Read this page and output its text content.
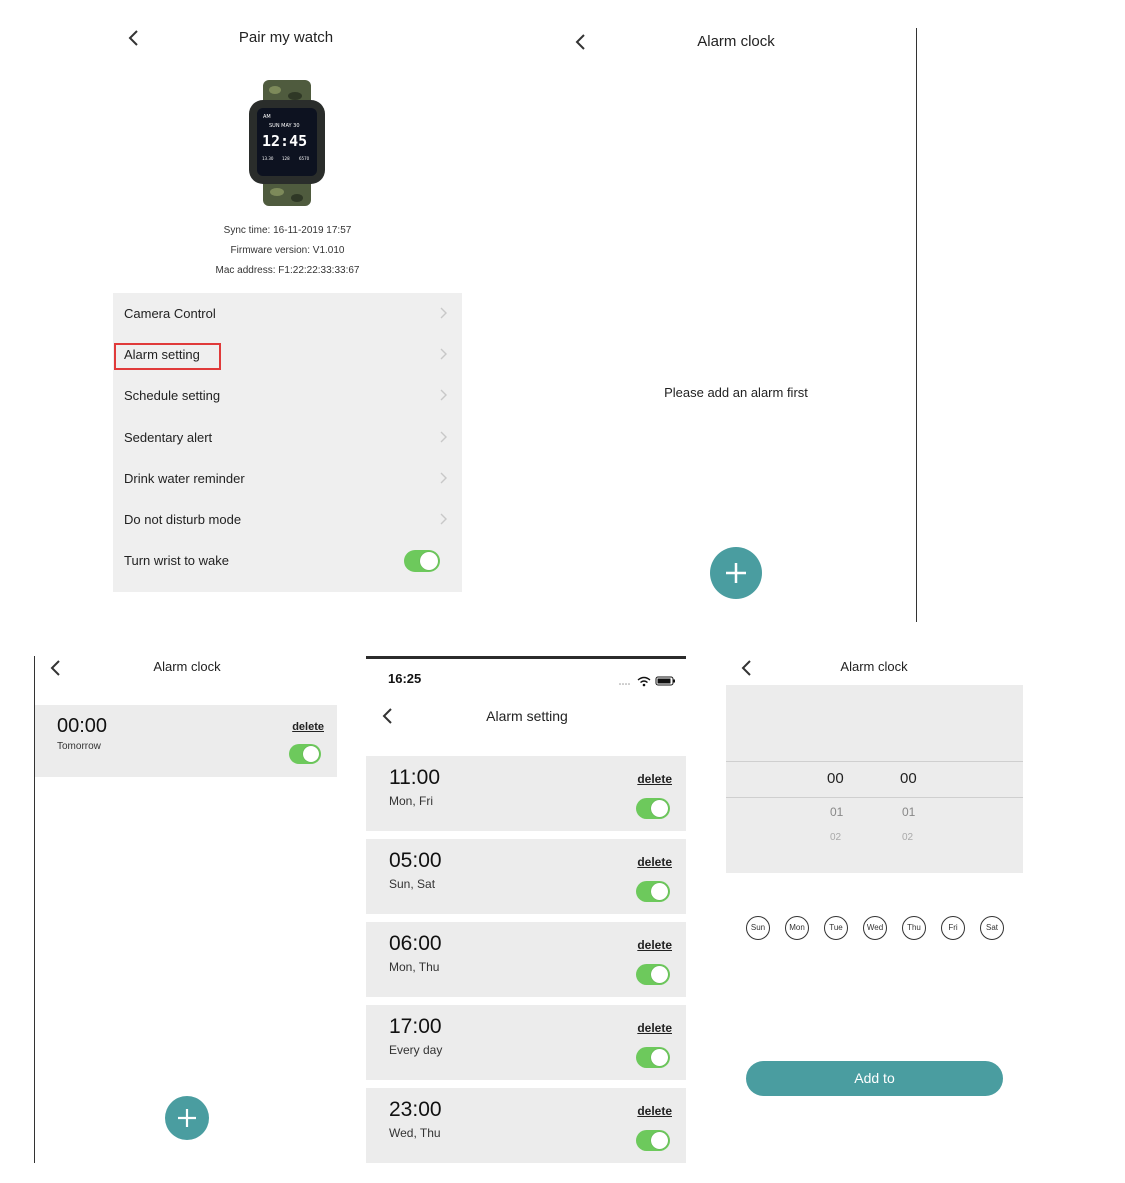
Pair my watch
AM
SUN MAY 30
12:45
13.30 128 6570
Sync time: 16-11-2019 17:57
Firmware version: V1.010
Mac address: F1:22:22:33:33:67
Camera Control
Alarm setting
Schedule setting
Sedentary alert
Drink water reminder
Do not disturb mode
Turn wrist to wake
Alarm clock
Please add an alarm first
Alarm clock
00:00
Tomorrow
delete
16:25
Alarm setting
11:00
Mon, Fri
delete
05:00
Sun, Sat
delete
06:00
Mon, Thu
delete
17:00
Every day
delete
23:00
Wed, Thu
delete
Alarm clock
00	00
01	01
02	02
Sun	Mon	Tue	Wed	Thu	Fri	Sat
Add to
